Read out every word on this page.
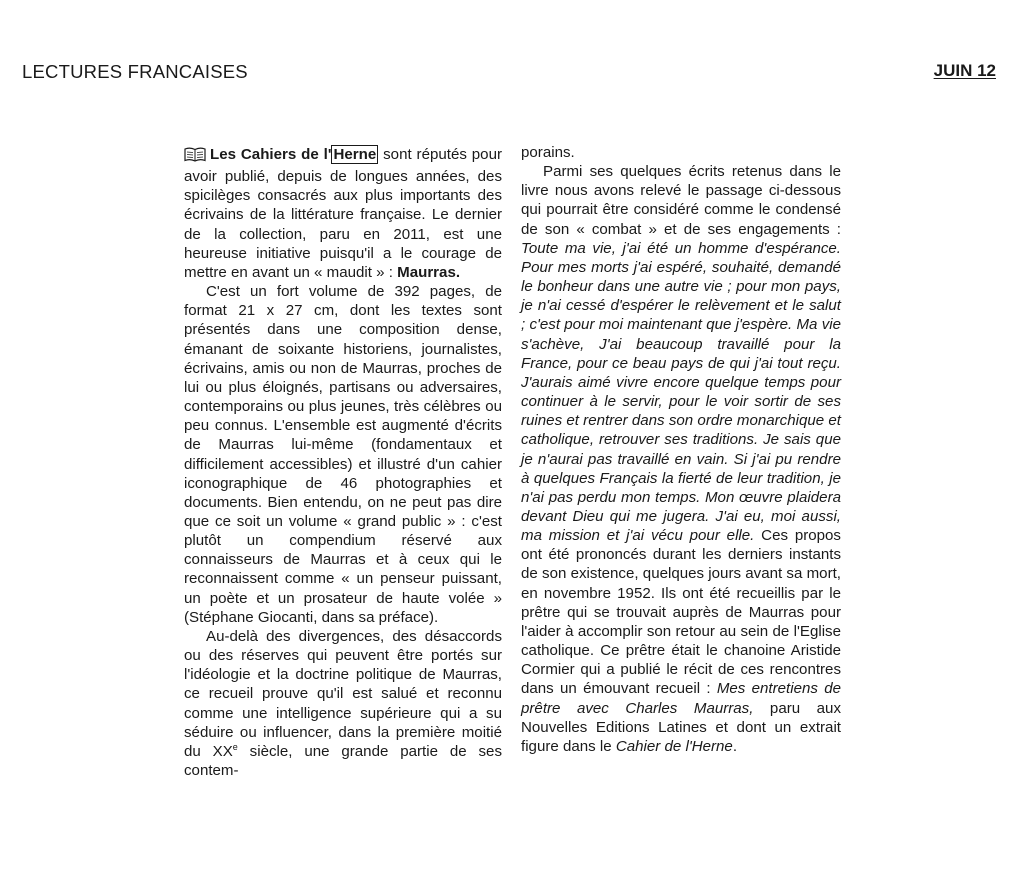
LECTURES FRANCAISES	JUIN 12

Les Cahiers de l' Herne sont réputés pour avoir publié, depuis de longues années, des spicilèges consacrés aux plus importants des écrivains de la littérature française. Le dernier de la collection, paru en 2011, est une heureuse initiative puisqu'il a le courage de mettre en avant un « maudit » : Maurras.

C'est un fort volume de 392 pages, de format 21 x 27 cm, dont les textes sont présentés dans une composition dense, émanant de soixante historiens, journalistes, écrivains, amis ou non de Maurras, proches de lui ou plus éloignés, partisans ou adversaires, contemporains ou plus jeunes, très célèbres ou peu connus. L'ensemble est augmenté d'écrits de Maurras lui-même (fondamentaux et difficilement accessibles) et illustré d'un cahier iconographique de 46 photographies et documents. Bien entendu, on ne peut pas dire que ce soit un volume « grand public » : c'est plutôt un compendium réservé aux connaisseurs de Maurras et à ceux qui le reconnaissent comme « un penseur puissant, un poète et un prosateur de haute volée » (Stéphane Giocanti, dans sa préface).

Au-delà des divergences, des désaccords ou des réserves qui peuvent être portés sur l'idéologie et la doctrine politique de Maurras, ce recueil prouve qu'il est salué et reconnu comme une intelligence supérieure qui a su séduire ou influencer, dans la première moitié du XXe siècle, une grande partie de ses contem-

porains.

Parmi ses quelques écrits retenus dans le livre nous avons relevé le passage ci-dessous qui pourrait être considéré comme le condensé de son « combat » et de ses engagements : Toute ma vie, j'ai été un homme d'espérance. Pour mes morts j'ai espéré, souhaité, demandé le bonheur dans une autre vie ; pour mon pays, je n'ai cessé d'espérer le relèvement et le salut ; c'est pour moi maintenant que j'espère. Ma vie s'achève, J'ai beaucoup travaillé pour la France, pour ce beau pays de qui j'ai tout reçu. J'aurais aimé vivre encore quelque temps pour continuer à le servir, pour le voir sortir de ses ruines et rentrer dans son ordre monarchique et catholique, retrouver ses traditions. Je sais que je n'aurai pas travaillé en vain. Si j'ai pu rendre à quelques Français la fierté de leur tradition, je n'ai pas perdu mon temps. Mon œuvre plaidera devant Dieu qui me jugera. J'ai eu, moi aussi, ma mission et j'ai vécu pour elle. Ces propos ont été prononcés durant les derniers instants de son existence, quelques jours avant sa mort, en novembre 1952. Ils ont été recueillis par le prêtre qui se trouvait auprès de Maurras pour l'aider à accomplir son retour au sein de l'Eglise catholique. Ce prêtre était le chanoine Aristide Cormier qui a publié le récit de ces rencontres dans un émouvant recueil : Mes entretiens de prêtre avec Charles Maurras, paru aux Nouvelles Editions Latines et dont un extrait figure dans le Cahier de l'Herne.
